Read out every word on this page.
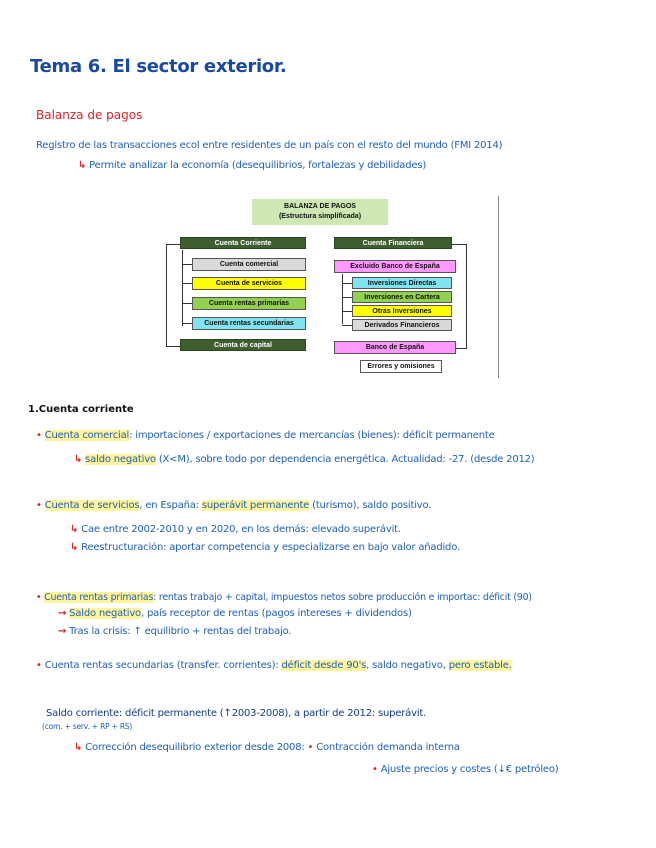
Tema 6. El sector exterior.
Balanza de pagos
Registro de las transacciones ecol entre residentes de un país con el resto del mundo (FMI 2014)
↳ Permite analizar la economía (desequilibrios, fortalezas y debilidades)
BALANZA DE PAGOS
(Estructura simplificada)
Cuenta Corriente
Cuenta comercial
Cuenta de servicios
Cuenta rentas primarias
Cuenta rentas secundarias
Cuenta de capital
Cuenta Financiera
Excluido Banco de España
Inversiones Directas
Inversiones en Cartera
Otras Inversiones
Derivados Financieros
Banco de España
Errores y omisiones
1.Cuenta corriente
• Cuenta comercial: importaciones / exportaciones de mercancías (bienes): déficit permanente
↳ saldo negativo (X<M), sobre todo por dependencia energética. Actualidad: -27. (desde 2012)
• Cuenta de servicios, en España: superávit permanente (turismo), saldo positivo.
↳ Cae entre 2002-2010 y en 2020, en los demás: elevado superávit.
↳ Reestructuración: aportar competencia y especializarse en bajo valor añadido.
• Cuenta rentas primarias: rentas trabajo + capital, impuestos netos sobre producción e importac: déficit (90)
→ Saldo negativo, país receptor de rentas (pagos intereses + dividendos)
→ Tras la crisis: ↑ equilibrio + rentas del trabajo.
• Cuenta rentas secundarias (transfer. corrientes): déficit desde 90's, saldo negativo, pero estable.
Saldo corriente: déficit permanente (↑2003-2008), a partir de 2012: superávit.
(com. + serv. + RP + RS)
↳ Corrección desequilibrio exterior desde 2008: • Contracción demanda interna
• Ajuste precios y costes (↓€ petróleo)
